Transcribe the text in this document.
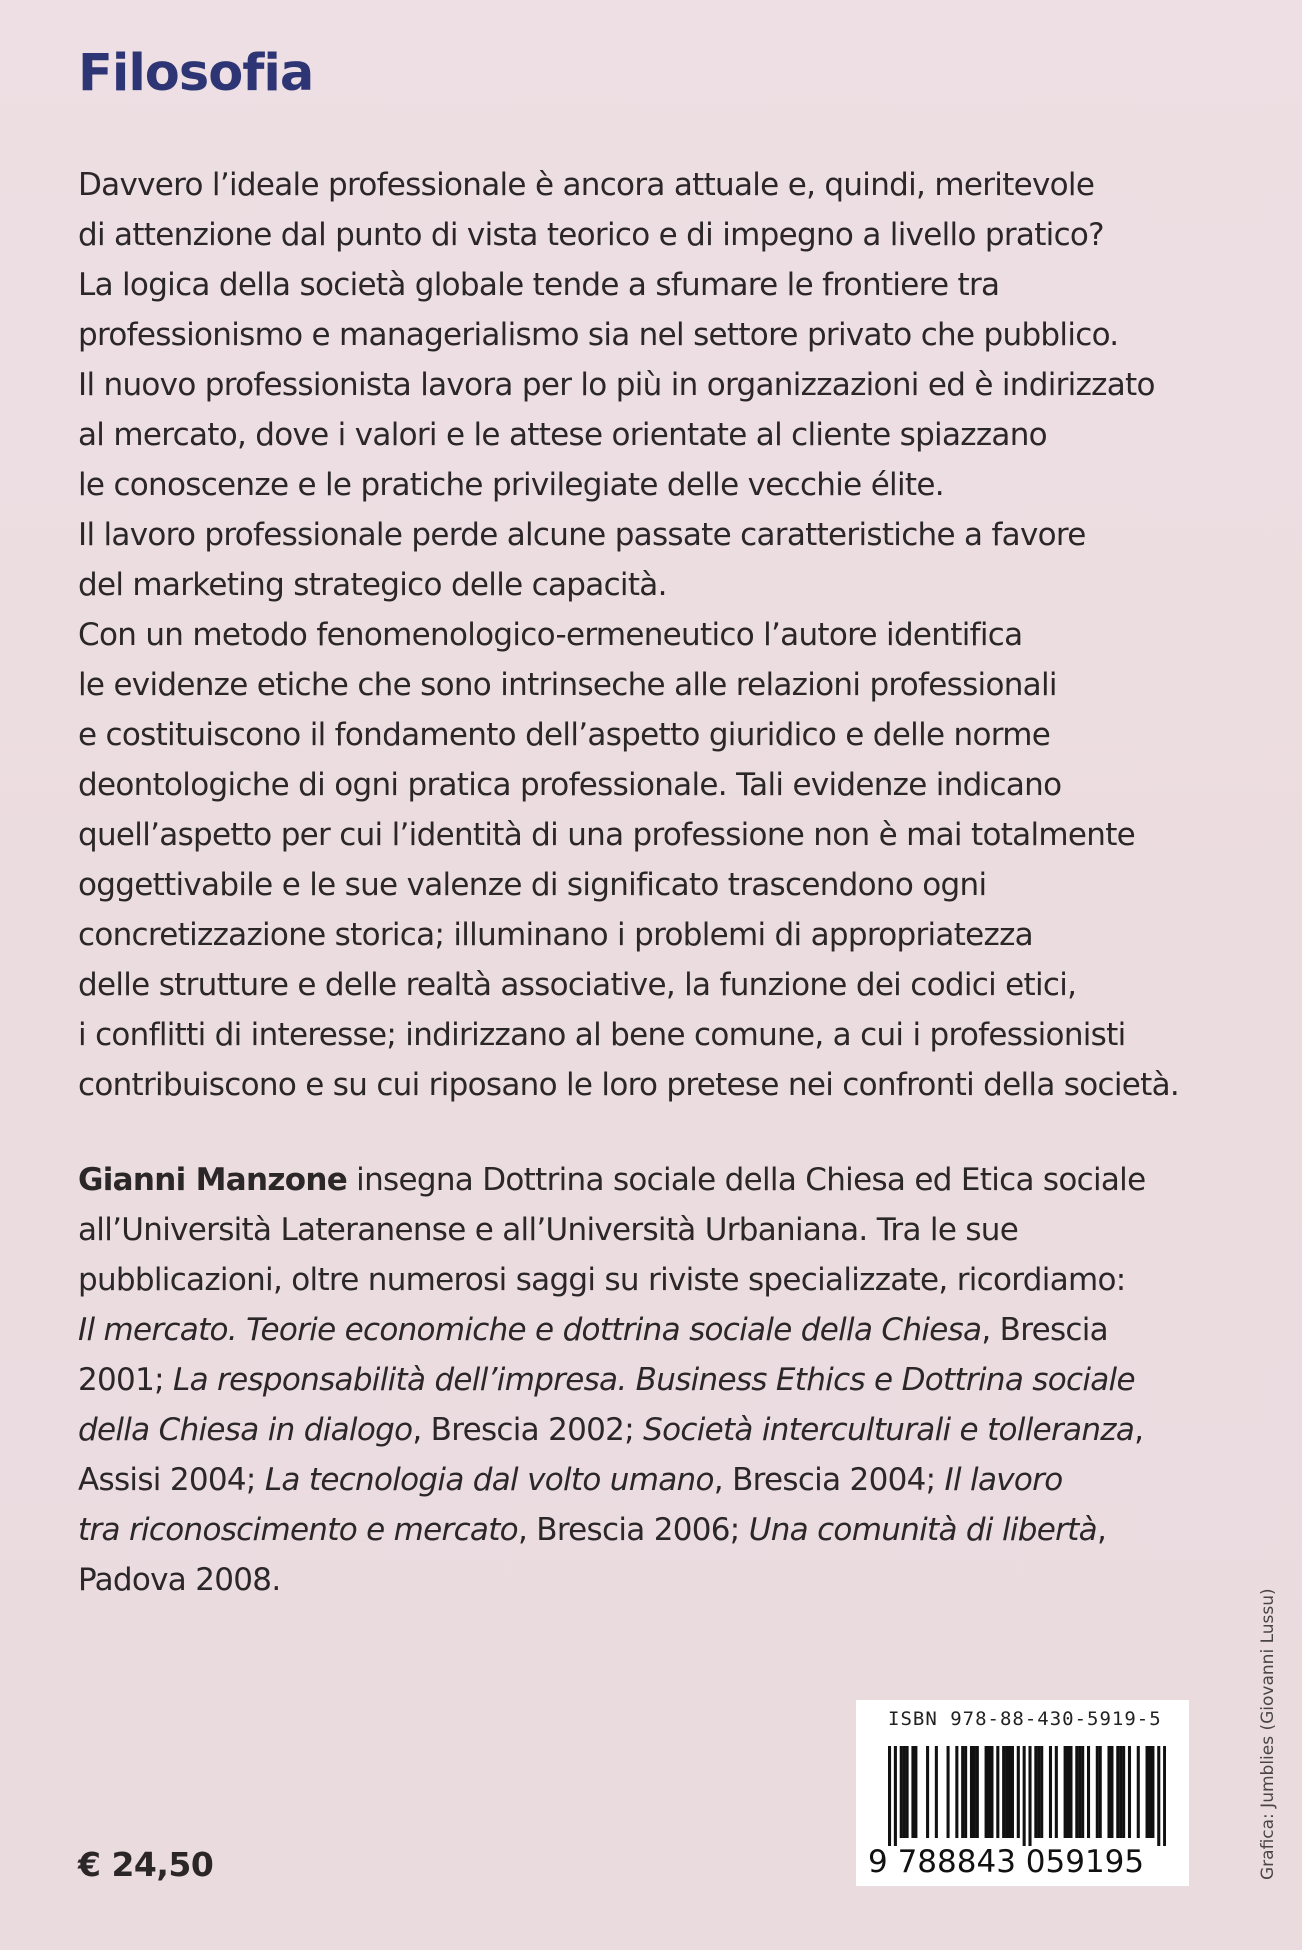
Filosofia
Davvero l’ideale professionale è ancora attuale e, quindi, meritevole
di attenzione dal punto di vista teorico e di impegno a livello pratico?
La logica della società globale tende a sfumare le frontiere tra
professionismo e managerialismo sia nel settore privato che pubblico.
Il nuovo professionista lavora per lo più in organizzazioni ed è indirizzato
al mercato, dove i valori e le attese orientate al cliente spiazzano
le conoscenze e le pratiche privilegiate delle vecchie élite.
Il lavoro professionale perde alcune passate caratteristiche a favore
del marketing strategico delle capacità.
Con un metodo fenomenologico-ermeneutico l’autore identifica
le evidenze etiche che sono intrinseche alle relazioni professionali
e costituiscono il fondamento dell’aspetto giuridico e delle norme
deontologiche di ogni pratica professionale. Tali evidenze indicano
quell’aspetto per cui l’identità di una professione non è mai totalmente
oggettivabile e le sue valenze di significato trascendono ogni
concretizzazione storica; illuminano i problemi di appropriatezza
delle strutture e delle realtà associative, la funzione dei codici etici,
i conflitti di interesse; indirizzano al bene comune, a cui i professionisti
contribuiscono e su cui riposano le loro pretese nei confronti della società.
Gianni Manzone insegna Dottrina sociale della Chiesa ed Etica sociale
all’Università Lateranense e all’Università Urbaniana. Tra le sue
pubblicazioni, oltre numerosi saggi su riviste specializzate, ricordiamo:
Il mercato. Teorie economiche e dottrina sociale della Chiesa, Brescia
2001; La responsabilità dell’impresa. Business Ethics e Dottrina sociale
della Chiesa in dialogo, Brescia 2002; Società interculturali e tolleranza,
Assisi 2004; La tecnologia dal volto umano, Brescia 2004; Il lavoro
tra riconoscimento e mercato, Brescia 2006; Una comunità di libertà,
Padova 2008.
€ 24,50
ISBN 978-88-430-5919-5
9 788843 059195	Grafica: Jumblies (Giovanni Lussu)
